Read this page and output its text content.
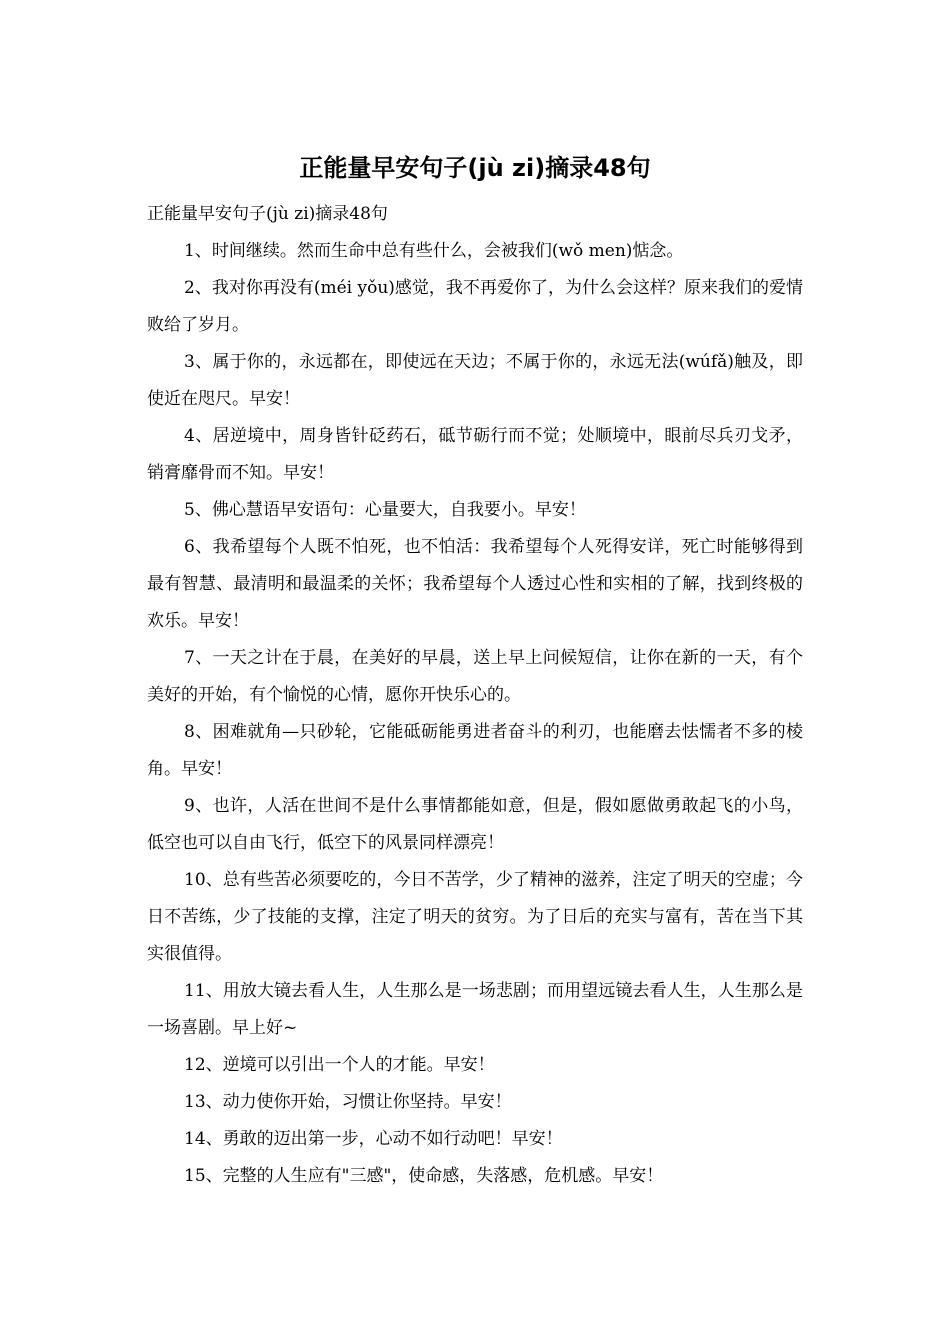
正能量早安句子(jù zi)摘录48句

正能量早安句子(jù zi)摘录48句

1、时间继续。然而生命中总有些什么，会被我们(wǒ men)惦念。

2、我对你再没有(méi yǒu)感觉，我不再爱你了，为什么会这样？原来我们的爱情败给了岁月。

3、属于你的，永远都在，即使远在天边；不属于你的，永远无法(wúfǎ)触及，即使近在咫尺。早安！

4、居逆境中，周身皆针砭药石，砥节砺行而不觉；处顺境中，眼前尽兵刃戈矛，销膏靡骨而不知。早安！

5、佛心慧语早安语句：心量要大，自我要小。早安！

6、我希望每个人既不怕死，也不怕活：我希望每个人死得安详，死亡时能够得到最有智慧、最清明和最温柔的关怀；我希望每个人透过心性和实相的了解，找到终极的欢乐。早安！

7、一天之计在于晨，在美好的早晨，送上早上问候短信，让你在新的一天，有个美好的开始，有个愉悦的心情，愿你开快乐心的。

8、困难就角—只砂轮，它能砥砺能勇进者奋斗的利刃，也能磨去怯懦者不多的棱角。早安！

9、也许，人活在世间不是什么事情都能如意，但是，假如愿做勇敢起飞的小鸟，低空也可以自由飞行，低空下的风景同样漂亮！

10、总有些苦必须要吃的，今日不苦学，少了精神的滋养，注定了明天的空虚；今日不苦练，少了技能的支撑，注定了明天的贫穷。为了日后的充实与富有，苦在当下其实很值得。

11、用放大镜去看人生，人生那么是一场悲剧；而用望远镜去看人生，人生那么是一场喜剧。早上好~

12、逆境可以引出一个人的才能。早安！

13、动力使你开始，习惯让你坚持。早安！

14、勇敢的迈出第一步，心动不如行动吧！早安！

15、完整的人生应有"三感"，使命感，失落感，危机感。早安！
